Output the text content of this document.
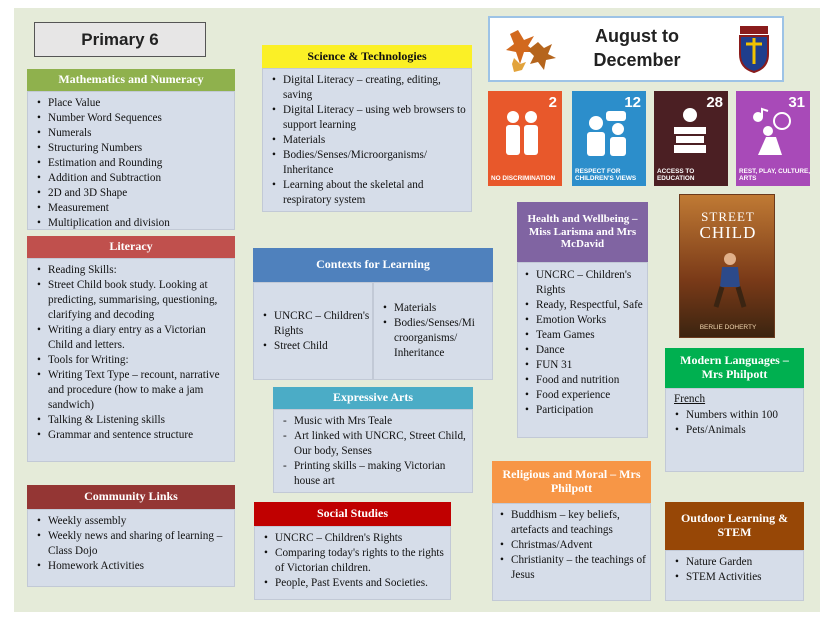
Primary 6	August to
December
2
NO DISCRIMINATION
12
RESPECT FOR CHILDREN'S VIEWS
28
ACCESS TO EDUCATION
31
REST, PLAY, CULTURE, ARTS
STREET
CHILD
BERLIE DOHERTY
Mathematics and Numeracy
• Place Value
• Number Word Sequences
• Numerals
• Structuring Numbers
• Estimation and Rounding
• Addition and Subtraction
• 2D and 3D Shape
• Measurement
• Multiplication and division
Literacy
• Reading Skills:
• Street Child book study. Looking at predicting, summarising, questioning, clarifying and decoding
• Writing a diary entry as a Victorian Child and letters.
• Tools for Writing:
• Writing Text Type – recount, narrative and procedure (how to make a jam sandwich)
• Talking & Listening skills
• Grammar and sentence structure
Community Links
• Weekly assembly
• Weekly news and sharing of learning – Class Dojo
• Homework Activities
Science & Technologies
• Digital Literacy – creating, editing, saving
• Digital Literacy – using web browsers to support learning
• Materials
• Bodies/Senses/Microorganisms/ Inheritance
• Learning about the skeletal and respiratory system
Contexts for Learning
• UNCRC – Children's Rights
• Street Child
• Materials
• Bodies/Senses/Mi croorganisms/ Inheritance
Expressive Arts
- Music with Mrs Teale
- Art linked with UNCRC, Street Child, Our body, Senses
- Printing skills – making Victorian house art
Social Studies
• UNCRC – Children's Rights
• Comparing today's rights to the rights of Victorian children.
• People, Past Events and Societies.
Health and Wellbeing – Miss Larisma and Mrs McDavid
• UNCRC – Children's Rights
• Ready, Respectful, Safe
• Emotion Works
• Team Games
• Dance
• FUN 31
• Food and nutrition
• Food experience
• Participation
Modern Languages – Mrs Philpott
French
• Numbers within 100
• Pets/Animals
Religious and Moral – Mrs Philpott
• Buddhism – key beliefs, artefacts and teachings
• Christmas/Advent
• Christianity – the teachings of Jesus
Outdoor Learning & STEM
• Nature Garden
• STEM Activities
